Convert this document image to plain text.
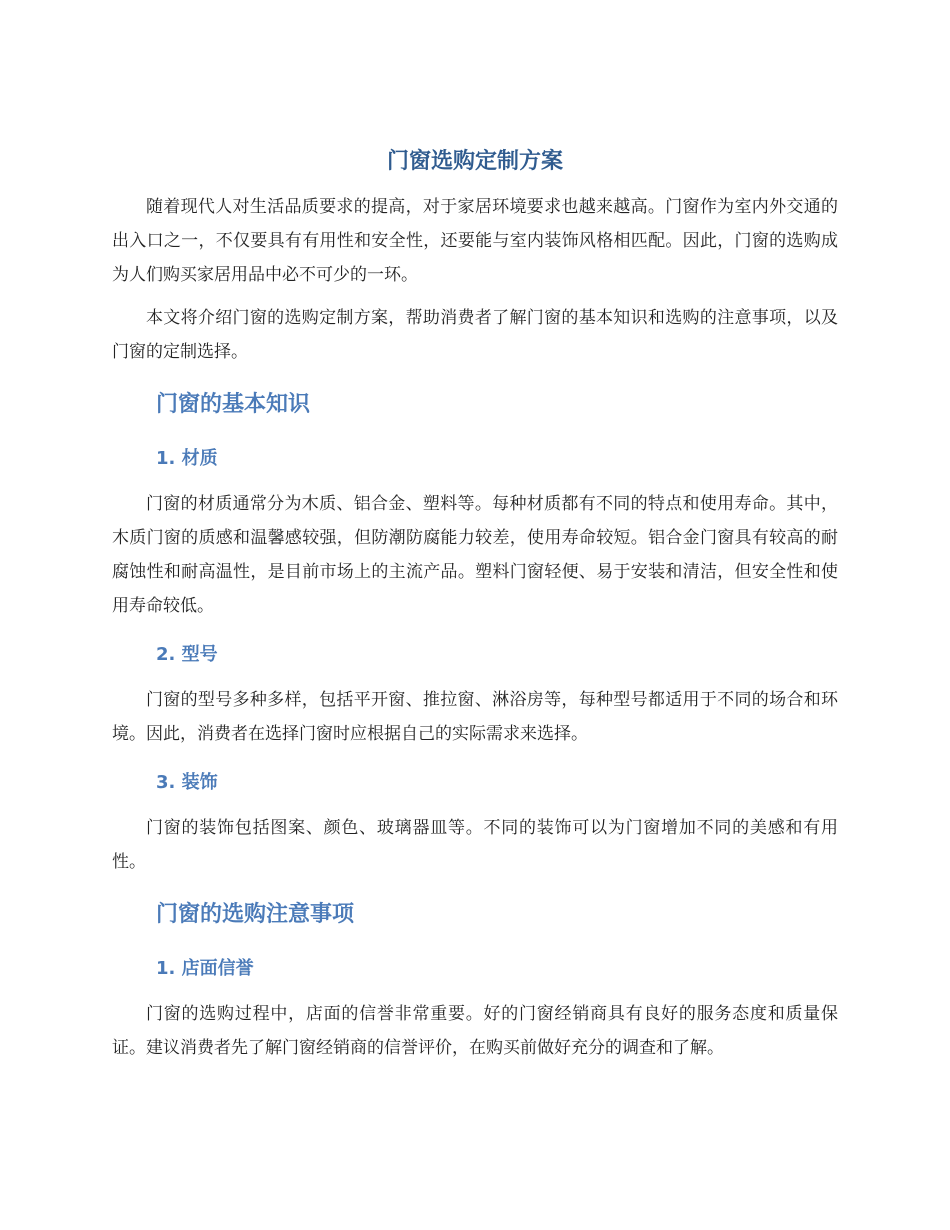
门窗选购定制方案

随着现代人对生活品质要求的提高，对于家居环境要求也越来越高。门窗作为室内外交通的出入口之一，不仅要具有有用性和安全性，还要能与室内装饰风格相匹配。因此，门窗的选购成为人们购买家居用品中必不可少的一环。

本文将介绍门窗的选购定制方案，帮助消费者了解门窗的基本知识和选购的注意事项，以及门窗的定制选择。

门窗的基本知识
1. 材质

门窗的材质通常分为木质、铝合金、塑料等。每种材质都有不同的特点和使用寿命。其中，木质门窗的质感和温馨感较强，但防潮防腐能力较差，使用寿命较短。铝合金门窗具有较高的耐腐蚀性和耐高温性，是目前市场上的主流产品。塑料门窗轻便、易于安装和清洁，但安全性和使用寿命较低。

2. 型号

门窗的型号多种多样，包括平开窗、推拉窗、淋浴房等，每种型号都适用于不同的场合和环境。因此，消费者在选择门窗时应根据自己的实际需求来选择。

3. 装饰

门窗的装饰包括图案、颜色、玻璃器皿等。不同的装饰可以为门窗增加不同的美感和有用性。

门窗的选购注意事项
1. 店面信誉

门窗的选购过程中，店面的信誉非常重要。好的门窗经销商具有良好的服务态度和质量保证。建议消费者先了解门窗经销商的信誉评价，在购买前做好充分的调查和了解。
